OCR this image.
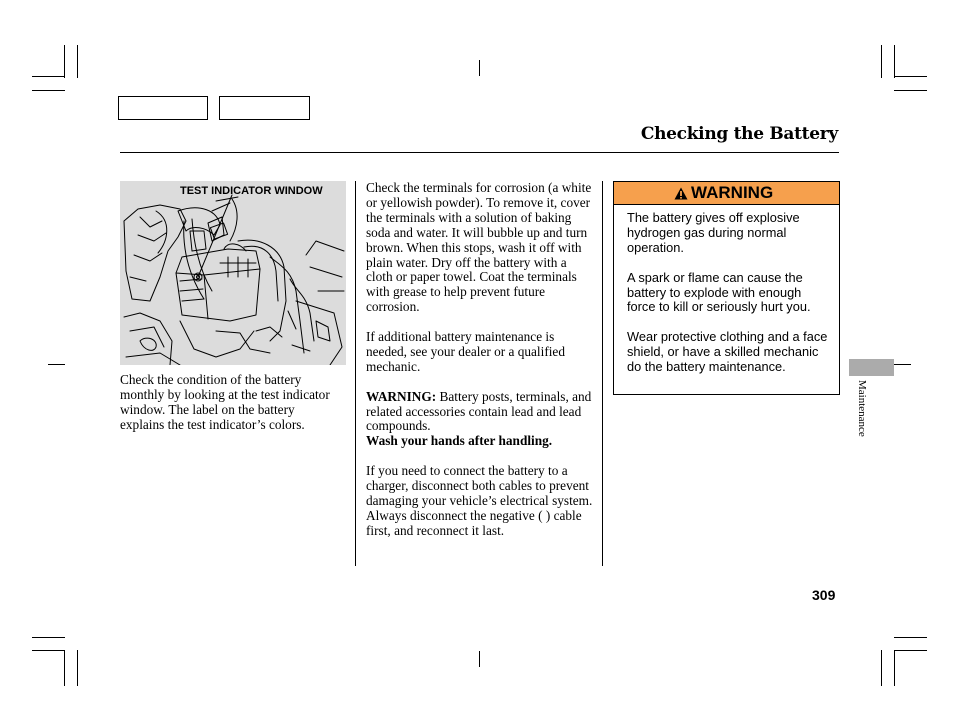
Checking the Battery
TEST INDICATOR WINDOW
Check the condition of the battery monthly by looking at the test indicator window. The label on the battery explains the test indicator’s colors.

Check the terminals for corrosion (a white or yellowish powder). To remove it, cover the terminals with a solution of baking soda and water. It will bubble up and turn brown. When this stops, wash it off with plain water. Dry off the battery with a cloth or paper towel. Coat the terminals with grease to help prevent future corrosion.

If additional battery maintenance is needed, see your dealer or a qualified mechanic.

WARNING: Battery posts, terminals, and related accessories contain lead and lead compounds.
Wash your hands after handling.

If you need to connect the battery to a charger, disconnect both cables to prevent damaging your vehicle’s electrical system. Always disconnect the negative ( ) cable first, and reconnect it last.

WARNING

The battery gives off explosive hydrogen gas during normal operation.

A spark or flame can cause the battery to explode with enough force to kill or seriously hurt you.

Wear protective clothing and a face shield, or have a skilled mechanic do the battery maintenance.

Maintenance
309
